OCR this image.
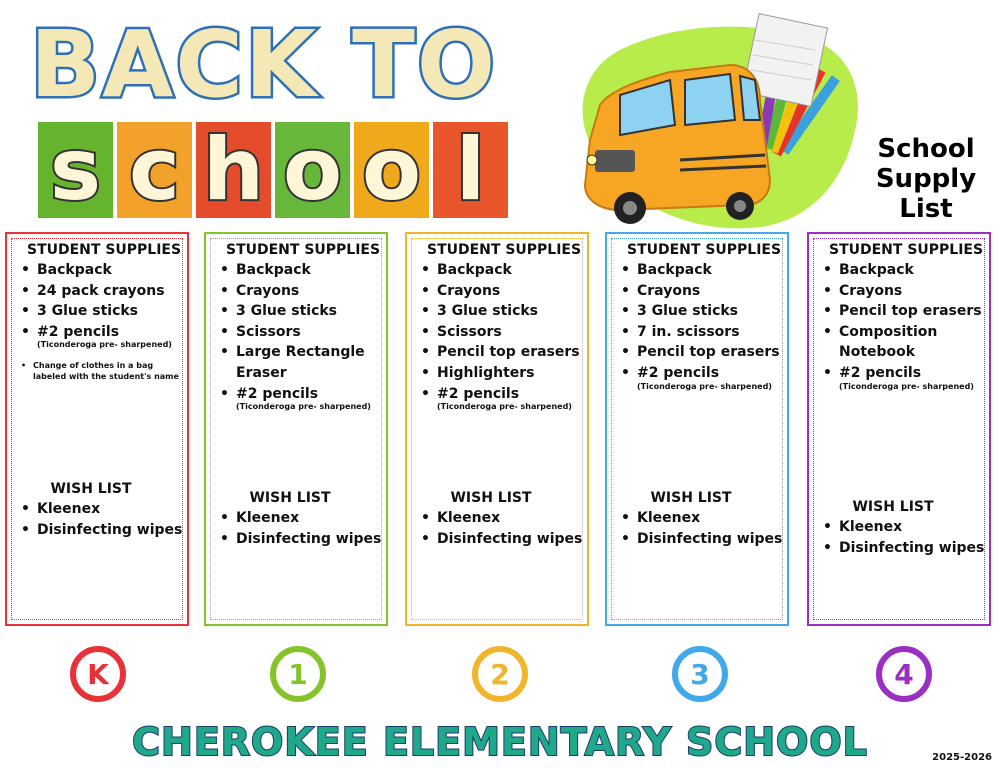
BACK TO
s c h o o l	School
Supply
List
STUDENT SUPPLIES
• Backpack
• 24 pack crayons
• 3 Glue sticks
• #2 pencils
(Ticonderoga pre- sharpened)
• Change of clothes in a bag labeled with the student's name
WISH LIST
• Kleenex
• Disinfecting wipes
STUDENT SUPPLIES
• Backpack
• Crayons
• 3 Glue sticks
• Scissors
• Large Rectangle Eraser
• #2 pencils
(Ticonderoga pre- sharpened)
WISH LIST
• Kleenex
• Disinfecting wipes
STUDENT SUPPLIES
• Backpack
• Crayons
• 3 Glue sticks
• Scissors
• Pencil top erasers
• Highlighters
• #2 pencils
(Ticonderoga pre- sharpened)
WISH LIST
• Kleenex
• Disinfecting wipes
STUDENT SUPPLIES
• Backpack
• Crayons
• 3 Glue sticks
• 7 in. scissors
• Pencil top erasers
• #2 pencils
(Ticonderoga pre- sharpened)
WISH LIST
• Kleenex
• Disinfecting wipes
STUDENT SUPPLIES
• Backpack
• Crayons
• Pencil top erasers
• Composition Notebook
• #2 pencils
(Ticonderoga pre- sharpened)
WISH LIST
• Kleenex
• Disinfecting wipes
K	1	2	3	4
CHEROKEE ELEMENTARY SCHOOL	2025-2026
